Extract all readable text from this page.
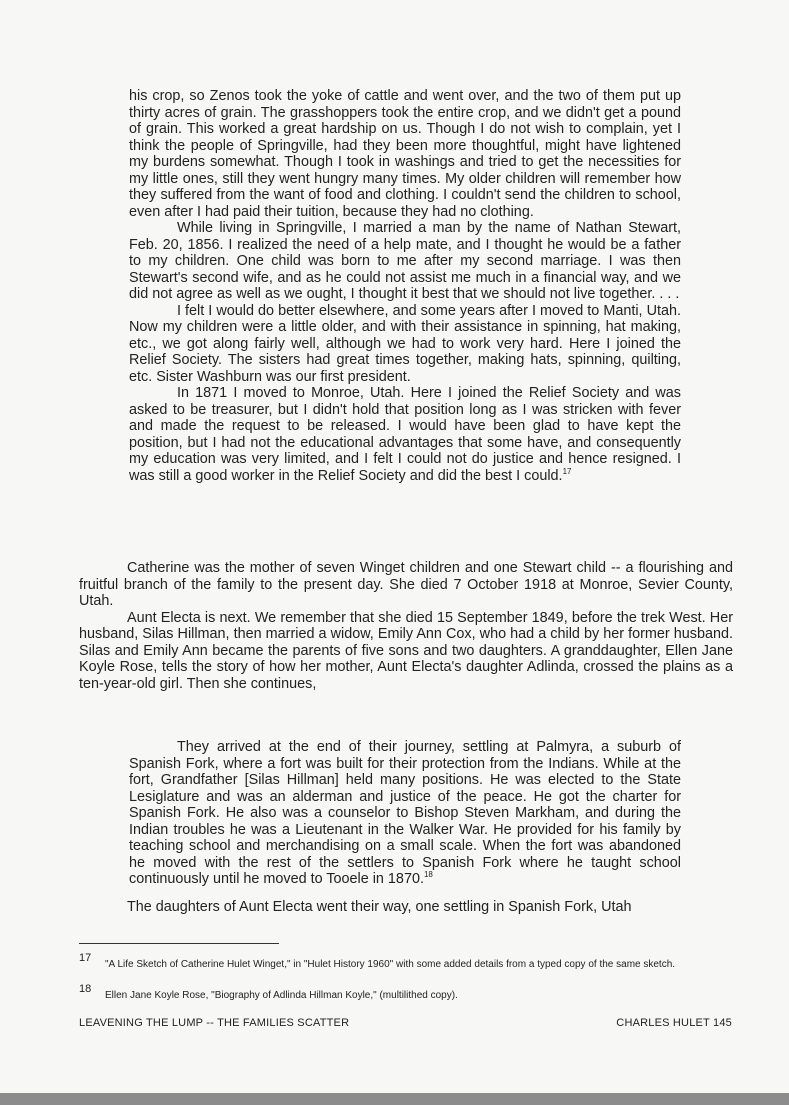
his crop, so Zenos took the yoke of cattle and went over, and the two of them put up thirty acres of grain. The grasshoppers took the entire crop, and we didn't get a pound of grain. This worked a great hardship on us. Though I do not wish to complain, yet I think the people of Springville, had they been more thoughtful, might have lightened my burdens somewhat. Though I took in washings and tried to get the necessities for my little ones, still they went hungry many times. My older children will remember how they suffered from the want of food and clothing. I couldn't send the children to school, even after I had paid their tuition, because they had no clothing.

While living in Springville, I married a man by the name of Nathan Stewart, Feb. 20, 1856. I realized the need of a help mate, and I thought he would be a father to my children. One child was born to me after my second marriage. I was then Stewart's second wife, and as he could not assist me much in a financial way, and we did not agree as well as we ought, I thought it best that we should not live together. . . .

I felt I would do better elsewhere, and some years after I moved to Manti, Utah. Now my children were a little older, and with their assistance in spinning, hat making, etc., we got along fairly well, although we had to work very hard. Here I joined the Relief Society. The sisters had great times together, making hats, spinning, quilting, etc. Sister Washburn was our first president.

In 1871 I moved to Monroe, Utah. Here I joined the Relief Society and was asked to be treasurer, but I didn't hold that position long as I was stricken with fever and made the request to be released. I would have been glad to have kept the position, but I had not the educational advantages that some have, and consequently my education was very limited, and I felt I could not do justice and hence resigned. I was still a good worker in the Relief Society and did the best I could.$^{17}$

Catherine was the mother of seven Winget children and one Stewart child -- a flourishing and fruitful branch of the family to the present day. She died 7 October 1918 at Monroe, Sevier County, Utah.

Aunt Electa is next. We remember that she died 15 September 1849, before the trek West. Her husband, Silas Hillman, then married a widow, Emily Ann Cox, who had a child by her former husband. Silas and Emily Ann became the parents of five sons and two daughters. A granddaughter, Ellen Jane Koyle Rose, tells the story of how her mother, Aunt Electa's daughter Adlinda, crossed the plains as a ten-year-old girl. Then she continues,

They arrived at the end of their journey, settling at Palmyra, a suburb of Spanish Fork, where a fort was built for their protection from the Indians. While at the fort, Grandfather [Silas Hillman] held many positions. He was elected to the State Lesiglature and was an alderman and justice of the peace. He got the charter for Spanish Fork. He also was a counselor to Bishop Steven Markham, and during the Indian troubles he was a Lieutenant in the Walker War. He provided for his family by teaching school and merchandising on a small scale. When the fort was abandoned he moved with the rest of the settlers to Spanish Fork where he taught school continuously until he moved to Tooele in 1870.18

The daughters of Aunt Electa went their way, one settling in Spanish Fork, Utah
17
"A Life Sketch of Catherine Hulet Winget," in "Hulet History 1960" with some added details from a typed copy of the same sketch.
18
Ellen Jane Koyle Rose, "Biography of Adlinda Hillman Koyle," (multilithed copy).
LEAVENING THE LUMP -- THE FAMILIES SCATTER	CHARLES HULET 145
